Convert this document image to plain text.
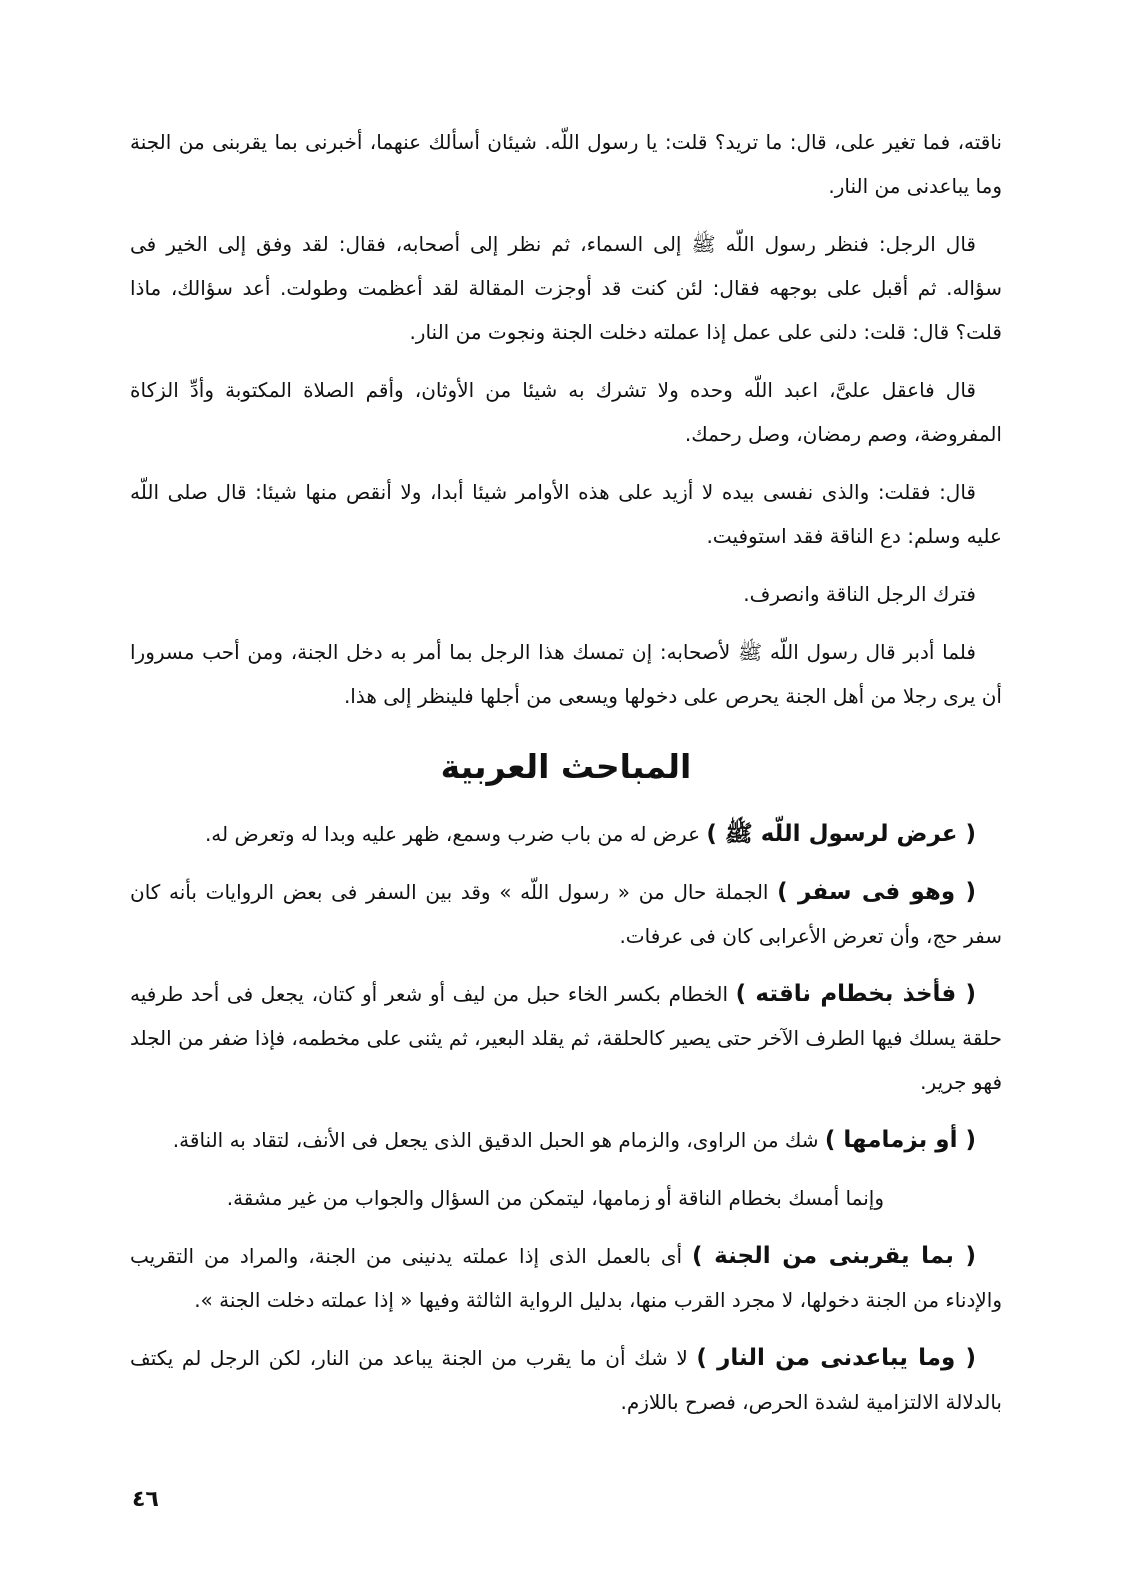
ناقته، فما تغير على، قال: ما تريد؟ قلت: يا رسول اللّه. شيئان أسألك عنهما، أخبرنى بما يقربنى من الجنة وما يباعدنى من النار.

قال الرجل: فنظر رسول اللّه ﷺ إلى السماء، ثم نظر إلى أصحابه، فقال: لقد وفق إلى الخير فى سؤاله. ثم أقبل على بوجهه فقال: لئن كنت قد أوجزت المقالة لقد أعظمت وطولت. أعد سؤالك، ماذا قلت؟ قال: قلت: دلنى على عمل إذا عملته دخلت الجنة ونجوت من النار.

قال فاعقل علىَّ، اعبد اللّه وحده ولا تشرك به شيئا من الأوثان، وأقم الصلاة المكتوبة وأدِّ الزكاة المفروضة، وصم رمضان، وصل رحمك.

قال: فقلت: والذى نفسى بيده لا أزيد على هذه الأوامر شيئا أبدا، ولا أنقص منها شيئا: قال صلى اللّه عليه وسلم: دع الناقة فقد استوفيت.

فترك الرجل الناقة وانصرف.

فلما أدبر قال رسول اللّه ﷺ لأصحابه: إن تمسك هذا الرجل بما أمر به دخل الجنة، ومن أحب مسرورا أن يرى رجلا من أهل الجنة يحرص على دخولها ويسعى من أجلها فلينظر إلى هذا.

المباحث العربية

( عرض لرسول اللّه ﷺ ) عرض له من باب ضرب وسمع، ظهر عليه وبدا له وتعرض له.

( وهو فى سفر ) الجملة حال من « رسول اللّه » وقد بين السفر فى بعض الروايات بأنه كان سفر حج، وأن تعرض الأعرابى كان فى عرفات.

( فأخذ بخطام ناقته ) الخطام بكسر الخاء حبل من ليف أو شعر أو كتان، يجعل فى أحد طرفيه حلقة يسلك فيها الطرف الآخر حتى يصير كالحلقة، ثم يقلد البعير، ثم يثنى على مخطمه، فإذا ضفر من الجلد فهو جرير.

( أو بزمامها ) شك من الراوى، والزمام هو الحبل الدقيق الذى يجعل فى الأنف، لتقاد به الناقة.

وإنما أمسك بخطام الناقة أو زمامها، ليتمكن من السؤال والجواب من غير مشقة.

( بما يقربنى من الجنة ) أى بالعمل الذى إذا عملته يدنينى من الجنة، والمراد من التقريب والإدناء من الجنة دخولها، لا مجرد القرب منها، بدليل الرواية الثالثة وفيها « إذا عملته دخلت الجنة ».

( وما يباعدنى من النار ) لا شك أن ما يقرب من الجنة يباعد من النار، لكن الرجل لم يكتف بالدلالة الالتزامية لشدة الحرص، فصرح باللازم.

٤٦
